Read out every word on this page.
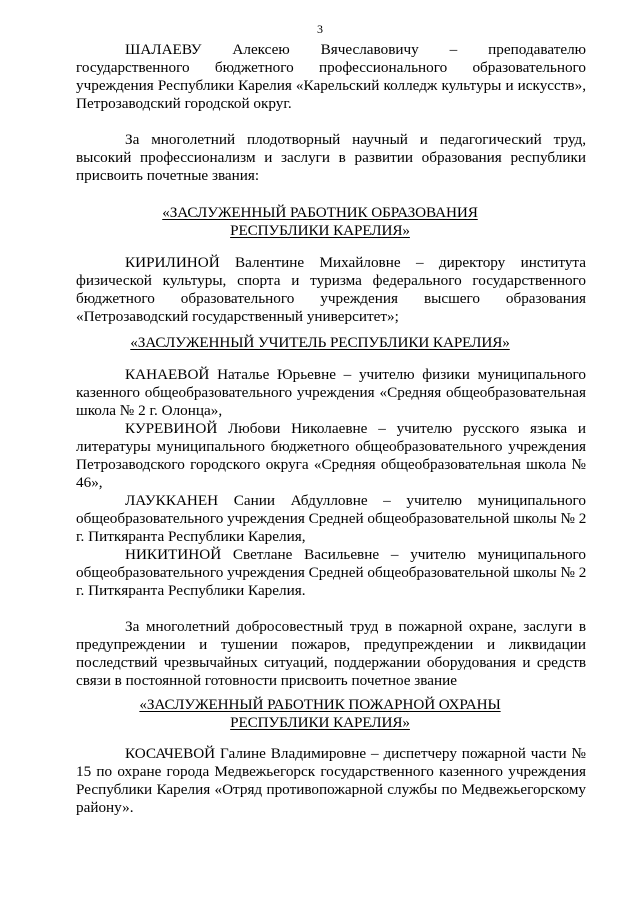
3
ШАЛАЕВУ Алексею Вячеславовичу – преподавателю
государственного бюджетного профессионального образовательного
учреждения Республики Карелия «Карельский колледж культуры и искусств»,
Петрозаводский городской округ.
За многолетний плодотворный научный и педагогический труд,
высокий профессионализм и заслуги в развитии образования республики
присвоить почетные звания:
«ЗАСЛУЖЕННЫЙ РАБОТНИК ОБРАЗОВАНИЯ
РЕСПУБЛИКИ КАРЕЛИЯ»
КИРИЛИНОЙ Валентине Михайловне – директору института
физической культуры, спорта и туризма федерального государственного
бюджетного образовательного учреждения высшего образования
«Петрозаводский государственный университет»;
«ЗАСЛУЖЕННЫЙ УЧИТЕЛЬ РЕСПУБЛИКИ КАРЕЛИЯ»
КАНАЕВОЙ Наталье Юрьевне – учителю физики муниципального
казенного общеобразовательного учреждения «Средняя общеобразовательная
школа № 2 г. Олонца»,
КУРЕВИНОЙ Любови Николаевне – учителю русского языка и
литературы муниципального бюджетного общеобразовательного учреждения
Петрозаводского городского округа «Средняя общеобразовательная школа №
46»,
ЛАУККАНЕН Сании Абдулловне – учителю муниципального
общеобразовательного учреждения Средней общеобразовательной школы № 2
г. Питкяранта Республики Карелия,
НИКИТИНОЙ Светлане Васильевне – учителю муниципального
общеобразовательного учреждения Средней общеобразовательной школы № 2
г. Питкяранта Республики Карелия.
За многолетний добросовестный труд в пожарной охране, заслуги в
предупреждении и тушении пожаров, предупреждении и ликвидации
последствий чрезвычайных ситуаций, поддержании оборудования и средств
связи в постоянной готовности присвоить почетное звание
«ЗАСЛУЖЕННЫЙ РАБОТНИК ПОЖАРНОЙ ОХРАНЫ
РЕСПУБЛИКИ КАРЕЛИЯ»
КОСАЧЕВОЙ Галине Владимировне – диспетчеру пожарной части №
15 по охране города Медвежьегорск государственного казенного учреждения
Республики Карелия «Отряд противопожарной службы по Медвежьегорскому
району».
